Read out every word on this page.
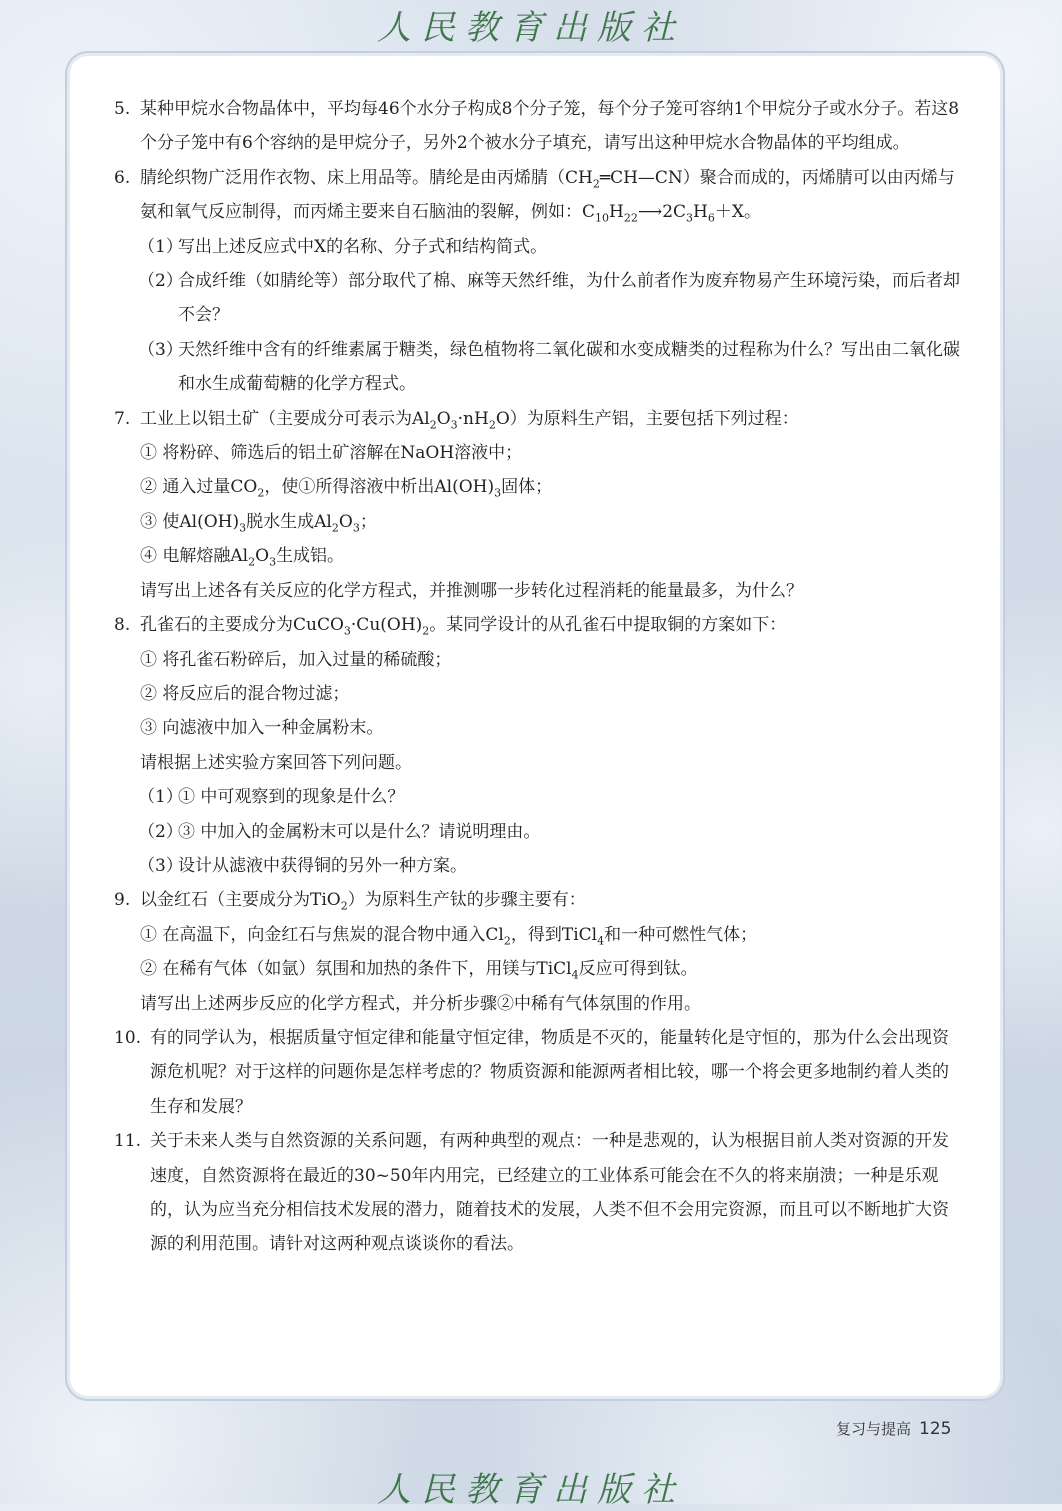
人民教育出版社
5. 某种甲烷水合物晶体中，平均每46个水分子构成8个分子笼，每个分子笼可容纳1个甲烷分子或水分子。若这8个分子笼中有6个容纳的是甲烷分子，另外2个被水分子填充，请写出这种甲烷水合物晶体的平均组成。
6. 腈纶织物广泛用作衣物、床上用品等。腈纶是由丙烯腈$(CH_2═CH—CN)$聚合而成的，丙烯腈可以由丙烯与氨和氧气反应制得，而丙烯主要来自石脑油的裂解，例如：$C_{10}H_{22}⟶2C_3H_6+X$。
（1）
写出上述反应式中X的名称、分子式和结构简式。
（2）
合成纤维（如腈纶等）部分取代了棉、麻等天然纤维，为什么前者作为废弃物易产生环境污染，而后者却不会？
（3）
天然纤维中含有的纤维素属于糖类，绿色植物将二氧化碳和水变成糖类的过程称为什么？写出由二氧化碳和水生成葡萄糖的化学方程式。
7. 工业上以铝土矿（主要成分可表示为$Al_2O_3\cdot nH_2O$）为原料生产铝，主要包括下列过程：

① 将粉碎、筛选后的铝土矿溶解在NaOH溶液中；

② 通入过量$CO_2$，使①所得溶液中析出$Al(OH)_3$固体；

③ 使$Al(OH)_3$脱水生成$Al_2O_3$；

④ 电解熔融$Al_2O_3$生成铝。

请写出上述各有关反应的化学方程式，并推测哪一步转化过程消耗的能量最多，为什么？

8. 孔雀石的主要成分为$CuCO_3\cdot Cu(OH)_2$。某同学设计的从孔雀石中提取铜的方案如下：

① 将孔雀石粉碎后，加入过量的稀硫酸；

② 将反应后的混合物过滤；

③ 向滤液中加入一种金属粉末。

请根据上述实验方案回答下列问题。

（1）
① 中可观察到的现象是什么？
（2）
③ 中加入的金属粉末可以是什么？请说明理由。
（3）
设计从滤液中获得铜的另外一种方案。
9. 以金红石（主要成分为TiO$_2$）为原料生产钛的步骤主要有：

① 在高温下，向金红石与焦炭的混合物中通入$Cl_2$，得到TiCl$_4$和一种可燃性气体；

② 在稀有气体（如氩）氛围和加热的条件下，用镁与TiCl$_4$反应可得到钛。

请写出上述两步反应的化学方程式，并分析步骤②中稀有气体氛围的作用。

10. 有的同学认为，根据质量守恒定律和能量守恒定律，物质是不灭的，能量转化是守恒的，那为什么会出现资源危机呢？对于这样的问题你是怎样考虑的？物质资源和能源两者相比较，哪一个将会更多地制约着人类的生存和发展？
11. 关于未来人类与自然资源的关系问题，有两种典型的观点：一种是悲观的，认为根据目前人类对资源的开发速度，自然资源将在最近的30~50年内用完，已经建立的工业体系可能会在不久的将来崩溃；一种是乐观的，认为应当充分相信技术发展的潜力，随着技术的发展，人类不但不会用完资源，而且可以不断地扩大资源的利用范围。请针对这两种观点谈谈你的看法。
复习与提高 125
人民教育出版社
